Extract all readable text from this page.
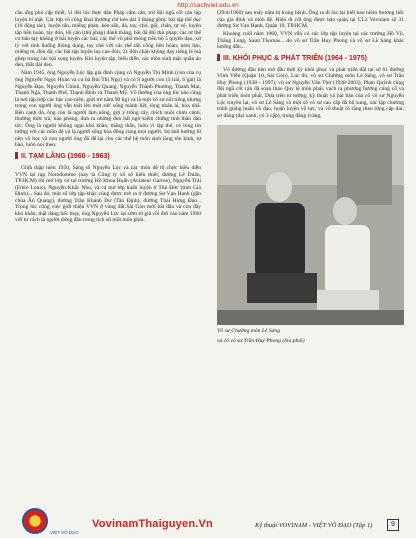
http://sachviet.edu.vn

cầu ứng phó cấp thiết, vì đôi lúc thực dân Pháp cấm cản, trừ đội ngũ cốt cán tập luyện bí mật. Các lớp võ công khai thường chỉ kéo dài 3 tháng gồm: bài tập thể dục (10 động tác), luyện tấn, miếng phản, kéo sấn, đá, tay, chỏ, gối, chân, tự vệ, luyện tập liên hoàn, tay đón, lối cản (thủ pháp) đánh thẳng, bái đá đôi thủ pháp; các tư thế cơ bản tay không ở bài luyện các bài; các thế võ phổ thông trên bộ 5 quyền đạo, xử lý với tình huống thông dụng, tay chỏ với các thế tấn công liên hoàn; ném lựu, miếng té, đòn đá; các bài tập luyện tay cao đòn, 21 đòn chân không dạy riêng lẻ mà ghép trong các bài song luyện. Khi luyện tập, biểu diễn, các môn sinh mặc quần áo đen, thắt đai đen.

Năm 1945, ông Nguyễn Lộc lập gia đình cùng cô Nguyễn Thị Minh (con của cụ ông Nguyễn Ngọc Hoàn và cụ bà Bùi Thị Ngọ) và có 9 người con (3 trai, 6 gái) là Nguyễn Đạo, Nguyễn Chính, Nguyễn Quang, Nguyễn Thanh Phương, Thanh Mai, Thanh Ngà, Thanh Phố, Thanh Bình và Thanh Mỹ. Võ đường của ông lúc nào cũng là nơi tập hợp các bậc cao niên, giới trẻ năm 90 kg) và là một võ sư nổi tiếng nhưng trong con người ông vẫn toát lên một sức sống mãnh liệt, lòng nhân ái, hòa nhã. Bên cạnh đó, ông còn là người làm nông, gợi ý trồng cây, thích nuôi chim cảnh, thưởng thức trà, hào phóng, đưa ra những đòn bất ngờ kiểm chứng tinh thần dân tộc. Ông là người không ngại khó khăn, thẳng thắn, luôn vì tập thể, có lòng tin tưởng với các môn đệ và là người sống hòa đồng cùng mọi người. Sự ảnh hưởng từ nền võ học và con người ông đã để lại cho các thế hệ môn sinh lòng tôn kính, tự hào, luôn noi theo.

II. TẠM LẮNG (1960 - 1963)

Giữa thập niên 1950, Sáng tổ Nguyễn Lộc và các môn đệ tổ chức biểu diễn VVN tại rạp Norodomme (nay là Công ty xổ số kiến thiết, đường Lê Duẩn, TP.HCM) rồi mở lớp võ tại trường Hồ Khoa Huấn (Aviateur Garros), Nguyễn Trãi (Frère Louis), Nguyễn Khắc Nhu, và cả mở lớp huấn luyện ở Thủ Đức (tỉnh Gia Định)... Sau đó, một số lớp tập khác cũng được mở ra ở đường Sư Vạn Hạnh (gần chùa Ấn Quang), đường Trần Khánh Dư (Tân Định), đường Thái Hưng Đạo... Trong lúc công việc giới thiệu VVN ở vùng đất Sài Gòn mới bắt đầu và còn đầy khó khăn, thật đáng tiếc thay, ông Nguyễn Lộc lại sớm từ giã cõi đời vào năm 1960 với tư cách là người đứng đầu trong lịch sử một môn phái.

(29/4/1960) sau mấy năm bị trọng bệnh. Ông ra đi lúc lại biết bao niềm thương tiếc của gia đình và môn đệ. Hiện di cốt ông được bảo quản tại CL3 Vovinam số 31 đường Sư Vạn Hạnh, Quận 10, TP.HCM.

Khoảng cuối năm 1960, VVN vẫn có các lớp tập luyện tại các trường Hồ Vũ, Thăng Long, Saint Thomas... do võ sư Trần Huy Phong và võ sư Lê Sáng khác hướng dẫn...

III. KHÔI PHỤC & PHÁT TRIỂN (1964 - 1975)

Võ đường đầu tiên mở đầu thời kỳ khôi phục và phát triển đặt tại số 61 đường Vĩnh Viễn (Quận 10, Sài Gòn). Lúc đó, võ sư Chưởng môn Lê Sáng, võ sư Trần Huy Phong (1938 - 1997), võ sư Nguyễn Văn Thư (1938-2003), Phan Quýnh cùng đội ngũ cốt cán đã soạn thảo Quy lệ môn phái, vạch ra phương hướng củng cố và phát triển môn phái. Dựa trên tư tưởng, kỹ thuật và bài bản của cố võ sư Nguyễn Lộc truyền lại, võ sư Lê Sáng và một số võ sư cao cấp đã bổ sung, xác lập chương trình giảng huấn võ đạo, huấn luyện võ lực, và võ thuật rõ ràng theo từng cấp đai: sơ đẳng (đai xanh, có 3 cấp), trung đẳng (vàng,

Võ sư Chưởng môn Lê Sáng
và cố võ sư Trần Huy Phong (bìa phải)
VIỆT VÕ ĐẠO
VovinamThaiguyen.Vn	Kỹ thuật VOVINAM - VIỆT VÕ ĐẠO (Tập 1)	9
